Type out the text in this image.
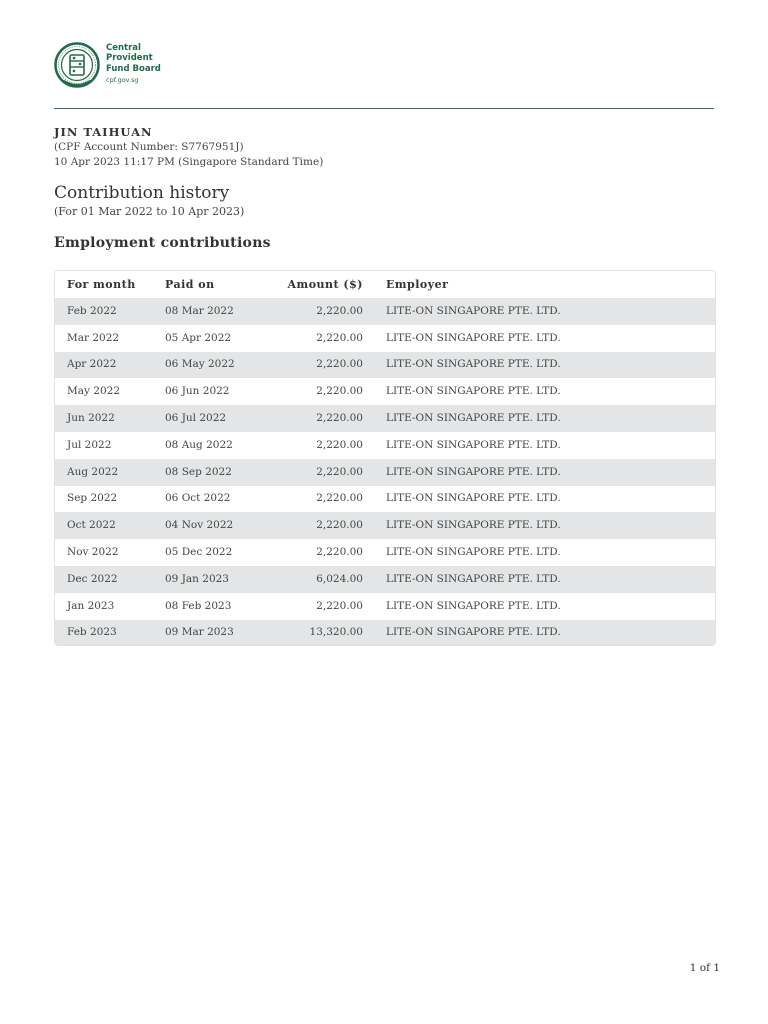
Central
Provident
Fund Board
cpf.gov.sg
JIN TAIHUAN
(CPF Account Number: S7767951J)
10 Apr 2023 11:17 PM (Singapore Standard Time)
Contribution history
(For 01 Mar 2022 to 10 Apr 2023)
Employment contributions
For month	Paid on	Amount ($)	Employer
Feb 2022	08 Mar 2022	2,220.00	LITE-ON SINGAPORE PTE. LTD.
Mar 2022	05 Apr 2022	2,220.00	LITE-ON SINGAPORE PTE. LTD.
Apr 2022	06 May 2022	2,220.00	LITE-ON SINGAPORE PTE. LTD.
May 2022	06 Jun 2022	2,220.00	LITE-ON SINGAPORE PTE. LTD.
Jun 2022	06 Jul 2022	2,220.00	LITE-ON SINGAPORE PTE. LTD.
Jul 2022	08 Aug 2022	2,220.00	LITE-ON SINGAPORE PTE. LTD.
Aug 2022	08 Sep 2022	2,220.00	LITE-ON SINGAPORE PTE. LTD.
Sep 2022	06 Oct 2022	2,220.00	LITE-ON SINGAPORE PTE. LTD.
Oct 2022	04 Nov 2022	2,220.00	LITE-ON SINGAPORE PTE. LTD.
Nov 2022	05 Dec 2022	2,220.00	LITE-ON SINGAPORE PTE. LTD.
Dec 2022	09 Jan 2023	6,024.00	LITE-ON SINGAPORE PTE. LTD.
Jan 2023	08 Feb 2023	2,220.00	LITE-ON SINGAPORE PTE. LTD.
Feb 2023	09 Mar 2023	13,320.00	LITE-ON SINGAPORE PTE. LTD.
1 of 1
